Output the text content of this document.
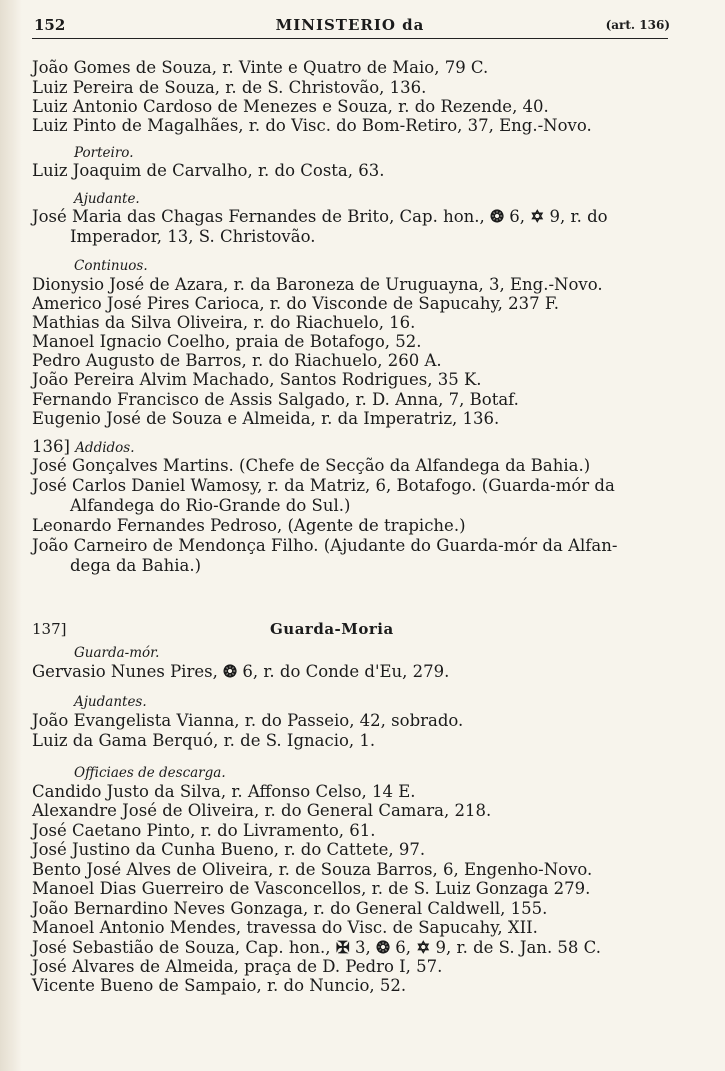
152	MINISTERIO da	(art. 136)
João Gomes de Souza, r. Vinte e Quatro de Maio, 79 C.
Luiz Pereira de Souza, r. de S. Christovão, 136.
Luiz Antonio Cardoso de Menezes e Souza, r. do Rezende, 40.
Luiz Pinto de Magalhães, r. do Visc. do Bom-Retiro, 37, Eng.-Novo.
Porteiro.
Luiz Joaquim de Carvalho, r. do Costa, 63.
Ajudante.
José Maria das Chagas Fernandes de Brito, Cap. hon., ❂ 6, ✡ 9, r. do
Imperador, 13, S. Christovão.
Continuos.
Dionysio José de Azara, r. da Baroneza de Uruguayna, 3, Eng.-Novo.
Americo José Pires Carioca, r. do Visconde de Sapucahy, 237 F.
Mathias da Silva Oliveira, r. do Riachuelo, 16.
Manoel Ignacio Coelho, praia de Botafogo, 52.
Pedro Augusto de Barros, r. do Riachuelo, 260 A.
João Pereira Alvim Machado, Santos Rodrigues, 35 K.
Fernando Francisco de Assis Salgado, r. D. Anna, 7, Botaf.
Eugenio José de Souza e Almeida, r. da Imperatriz, 136.
136] Addidos.
José Gonçalves Martins. (Chefe de Secção da Alfandega da Bahia.)
José Carlos Daniel Wamosy, r. da Matriz, 6, Botafogo. (Guarda-mór da
Alfandega do Rio-Grande do Sul.)
Leonardo Fernandes Pedroso, (Agente de trapiche.)
João Carneiro de Mendonça Filho. (Ajudante do Guarda-mór da Alfan-
dega da Bahia.)
137]	Guarda-Moria
Guarda-mór.
Gervasio Nunes Pires, ❂ 6, r. do Conde d'Eu, 279.
Ajudantes.
João Evangelista Vianna, r. do Passeio, 42, sobrado.
Luiz da Gama Berquó, r. de S. Ignacio, 1.
Officiaes de descarga.
Candido Justo da Silva, r. Affonso Celso, 14 E.
Alexandre José de Oliveira, r. do General Camara, 218.
José Caetano Pinto, r. do Livramento, 61.
José Justino da Cunha Bueno, r. do Cattete, 97.
Bento José Alves de Oliveira, r. de Souza Barros, 6, Engenho-Novo.
Manoel Dias Guerreiro de Vasconcellos, r. de S. Luiz Gonzaga 279.
João Bernardino Neves Gonzaga, r. do General Caldwell, 155.
Manoel Antonio Mendes, travessa do Visc. de Sapucahy, XII.
José Sebastião de Souza, Cap. hon., ✠ 3, ❂ 6, ✡ 9, r. de S. Jan. 58 C.
José Alvares de Almeida, praça de D. Pedro I, 57.
Vicente Bueno de Sampaio, r. do Nuncio, 52.
